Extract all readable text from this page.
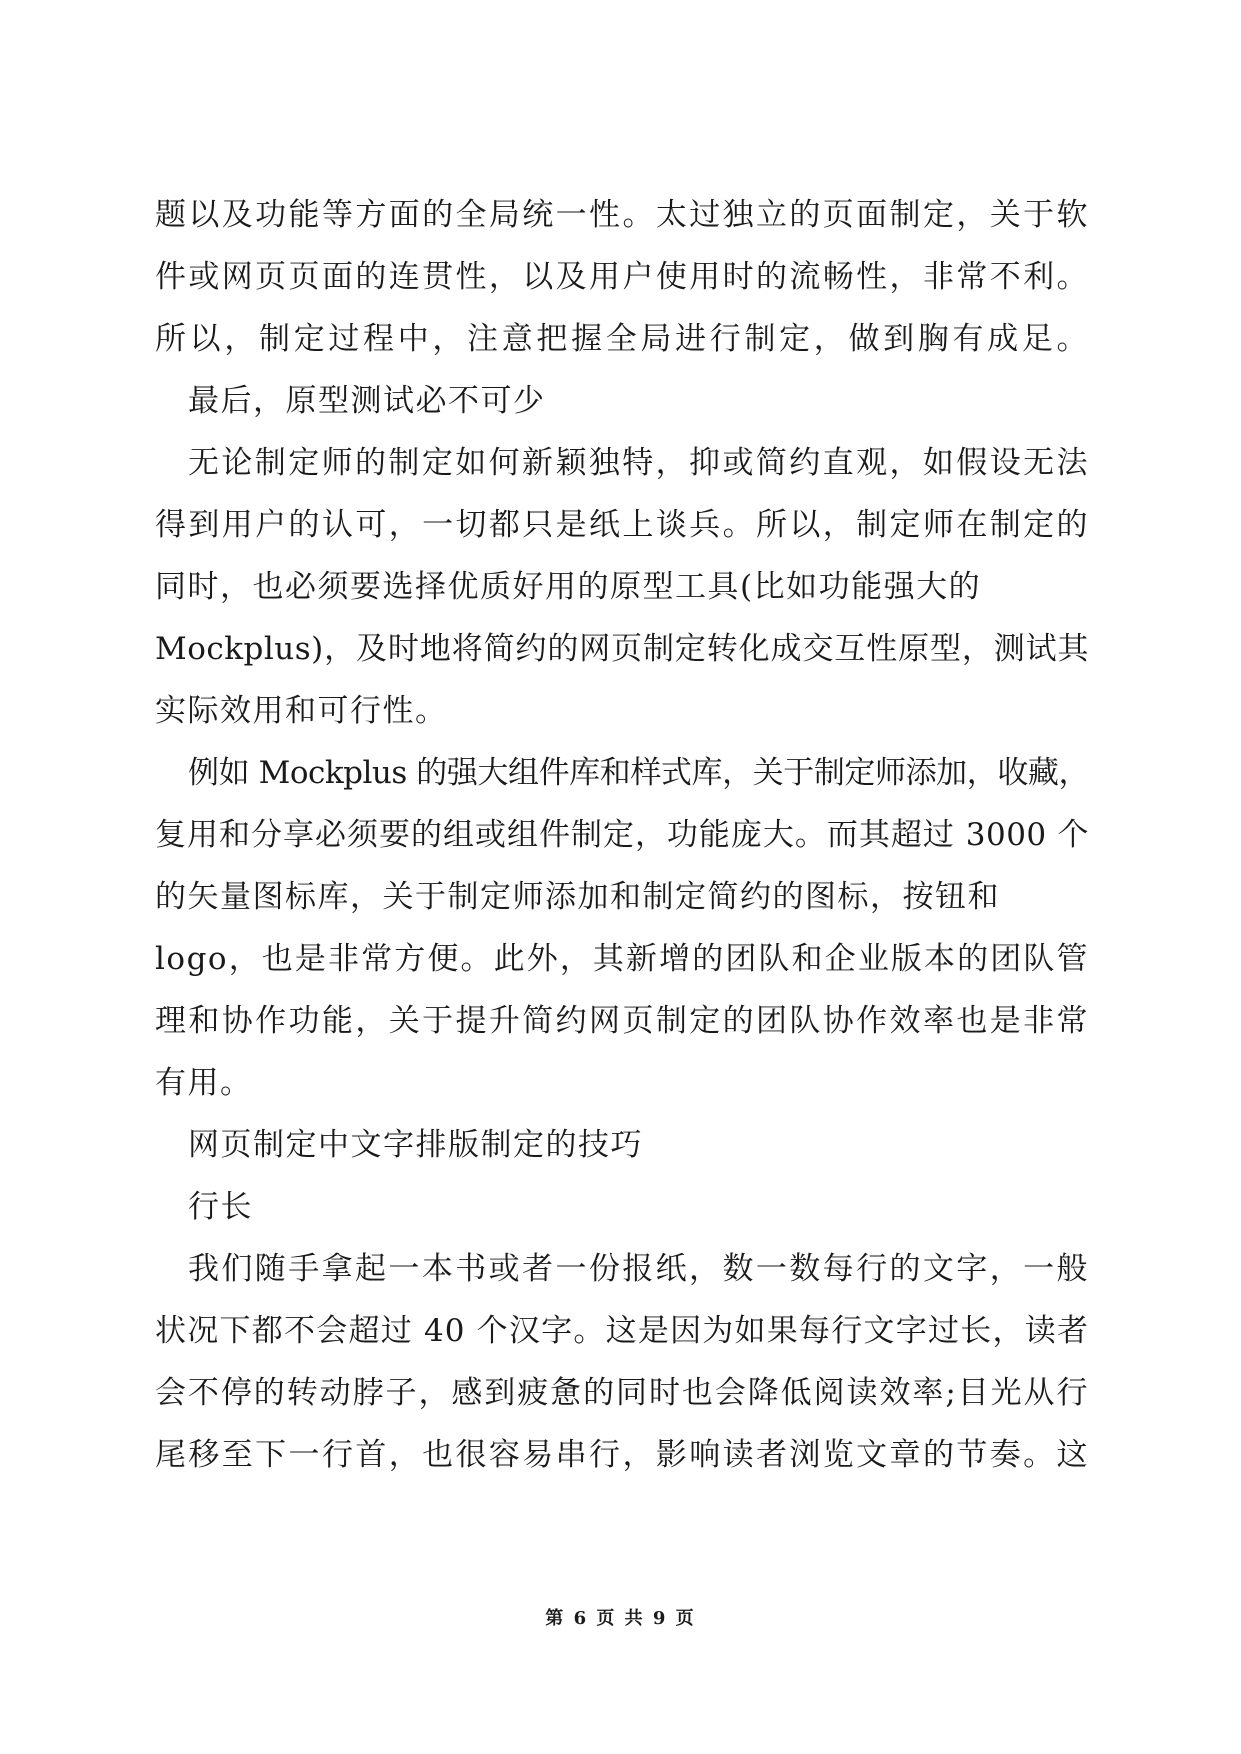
题以及功能等方面的全局统一性。太过独立的页面制定，关于软
件或网页页面的连贯性，以及用户使用时的流畅性，非常不利。
所以，制定过程中，注意把握全局进行制定，做到胸有成足。
最后，原型测试必不可少
无论制定师的制定如何新颖独特，抑或简约直观，如假设无法
得到用户的认可，一切都只是纸上谈兵。所以，制定师在制定的
同时，也必须要选择优质好用的原型工具(比如功能强大的
Mockplus)，及时地将简约的网页制定转化成交互性原型，测试其
实际效用和可行性。
例如 Mockplus 的强大组件库和样式库，关于制定师添加，收藏，
复用和分享必须要的组或组件制定，功能庞大。而其超过 3000 个
的矢量图标库，关于制定师添加和制定简约的图标，按钮和
logo，也是非常方便。此外，其新增的团队和企业版本的团队管
理和协作功能，关于提升简约网页制定的团队协作效率也是非常
有用。
网页制定中文字排版制定的技巧
行长
我们随手拿起一本书或者一份报纸，数一数每行的文字，一般
状况下都不会超过 40 个汉字。这是因为如果每行文字过长，读者
会不停的转动脖子，感到疲惫的同时也会降低阅读效率;目光从行
尾移至下一行首，也很容易串行，影响读者浏览文章的节奏。这
第 6 页 共 9 页
